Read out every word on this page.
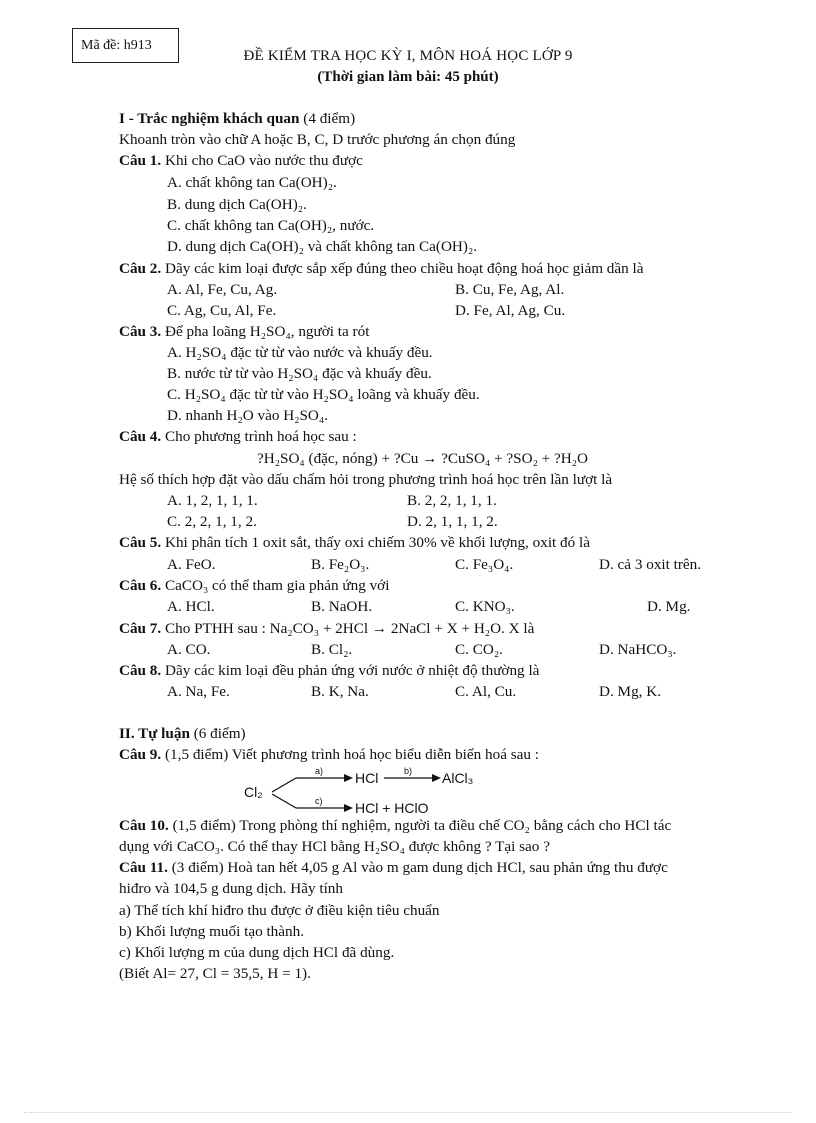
Mã đề: h913
ĐỀ KIỂM TRA HỌC KỲ I, MÔN HOÁ HỌC LỚP 9
(Thời gian làm bài: 45 phút)
I - Trắc nghiệm khách quan (4 điểm)
Khoanh tròn vào chữ A hoặc B, C, D trước phương án chọn đúng
Câu 1. Khi cho CaO vào nước thu được
A. chất không tan Ca(OH)₂.
B. dung dịch Ca(OH)₂.
C. chất không tan Ca(OH)₂, nước.
D. dung dịch Ca(OH)₂ và chất không tan Ca(OH)₂.
Câu 2. Dãy các kim loại được sắp xếp đúng theo chiều hoạt động hoá học giảm dần là
A. Al, Fe, Cu, Ag.	B. Cu, Fe, Ag, Al.
C. Ag, Cu, Al, Fe.	D. Fe, Al, Ag, Cu.
Câu 3. Để pha loãng H₂SO₄, người ta rót
A. H₂SO₄ đặc từ từ vào nước và khuấy đều.
B. nước từ từ vào H₂SO₄ đặc và khuấy đều.
C. H₂SO₄ đặc từ từ vào H₂SO₄ loãng và khuấy đều.
D. nhanh H₂O vào H₂SO₄.
Câu 4. Cho phương trình hoá học sau :
?H₂SO₄ (đặc, nóng) + ?Cu → ?CuSO₄ + ?SO₂ + ?H₂O
Hệ số thích hợp đặt vào dấu chấm hỏi trong phương trình hoá học trên lần lượt là
A. 1, 2, 1, 1, 1.	B. 2, 2, 1, 1, 1.
C. 2, 2, 1, 1, 2.	D. 2, 1, 1, 1, 2.
Câu 5. Khi phân tích 1 oxit sắt, thấy oxi chiếm 30% về khối lượng, oxit đó là
A. FeO.	B. Fe₂O₃.	C. Fe₃O₄.	D. cả 3 oxit trên.
Câu 6. CaCO₃ có thể tham gia phản ứng với
A. HCl.	B. NaOH.	C. KNO₃.	D. Mg.
Câu 7. Cho PTHH sau : Na₂CO₃ + 2HCl → 2NaCl + X + H₂O. X là
A. CO.	B. Cl₂.	C. CO₂.	D. NaHCO₃.
Câu 8. Dãy các kim loại đều phản ứng với nước ở nhiệt độ thường là
A. Na, Fe.	B. K, Na.	C. Al, Cu.	D. Mg, K.
II. Tự luận (6 điểm)
Câu 9. (1,5 điểm) Viết phương trình hoá học biểu diễn biến hoá sau :
Cl₂
a) HCl	b) AlCl₃
c) HCl + HClO
Câu 10. (1,5 điểm) Trong phòng thí nghiệm, người ta điều chế CO₂ bằng cách cho HCl tác
dụng với CaCO₃. Có thể thay HCl bằng H₂SO₄ được không ? Tại sao ?
Câu 11. (3 điểm) Hoà tan hết 4,05 g Al vào m gam dung dịch HCl, sau phản ứng thu được
hiđro và 104,5 g dung dịch. Hãy tính
a) Thể tích khí hiđro thu được ở điều kiện tiêu chuẩn
b) Khối lượng muối tạo thành.
c) Khối lượng m của dung dịch HCl đã dùng.
(Biết Al= 27, Cl = 35,5, H = 1).
